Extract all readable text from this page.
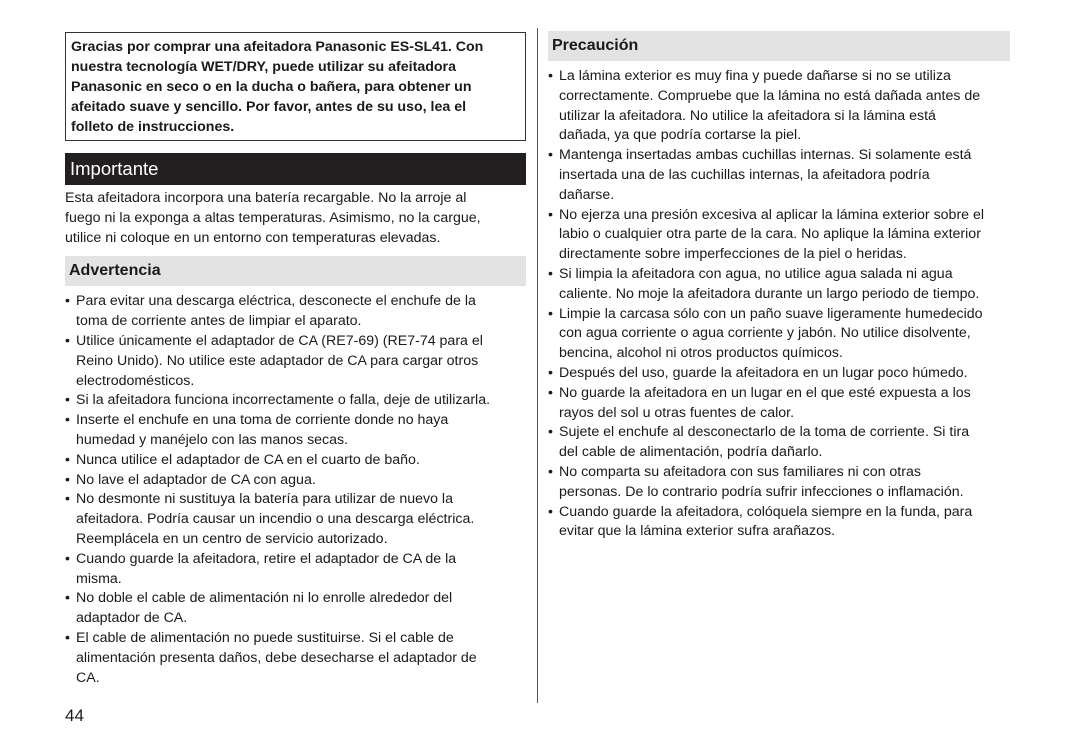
Gracias por comprar una afeitadora Panasonic ES-SL41. Con
nuestra tecnología WET/DRY, puede utilizar su afeitadora
Panasonic en seco o en la ducha o bañera, para obtener un
afeitado suave y sencillo. Por favor, antes de su uso, lea el
folleto de instrucciones.
Importante
Esta afeitadora incorpora una batería recargable. No la arroje al
fuego ni la exponga a altas temperaturas. Asimismo, no la cargue,
utilice ni coloque en un entorno con temperaturas elevadas.
Advertencia
• Para evitar una descarga eléctrica, desconecte el enchufe de la
toma de corriente antes de limpiar el aparato.
• Utilice únicamente el adaptador de CA (RE7-69) (RE7-74 para el
Reino Unido). No utilice este adaptador de CA para cargar otros
electrodomésticos.
• Si la afeitadora funciona incorrectamente o falla, deje de utilizarla.
• Inserte el enchufe en una toma de corriente donde no haya
humedad y manéjelo con las manos secas.
• Nunca utilice el adaptador de CA en el cuarto de baño.
• No lave el adaptador de CA con agua.
• No desmonte ni sustituya la batería para utilizar de nuevo la
afeitadora. Podría causar un incendio o una descarga eléctrica.
Reemplácela en un centro de servicio autorizado.
• Cuando guarde la afeitadora, retire el adaptador de CA de la
misma.
• No doble el cable de alimentación ni lo enrolle alrededor del
adaptador de CA.
• El cable de alimentación no puede sustituirse. Si el cable de
alimentación presenta daños, debe desecharse el adaptador de
CA.
Precaución
• La lámina exterior es muy fina y puede dañarse si no se utiliza
correctamente. Compruebe que la lámina no está dañada antes de
utilizar la afeitadora. No utilice la afeitadora si la lámina está
dañada, ya que podría cortarse la piel.
• Mantenga insertadas ambas cuchillas internas. Si solamente está
insertada una de las cuchillas internas, la afeitadora podría
dañarse.
• No ejerza una presión excesiva al aplicar la lámina exterior sobre el
labio o cualquier otra parte de la cara. No aplique la lámina exterior
directamente sobre imperfecciones de la piel o heridas.
• Si limpia la afeitadora con agua, no utilice agua salada ni agua
caliente. No moje la afeitadora durante un largo periodo de tiempo.
• Limpie la carcasa sólo con un paño suave ligeramente humedecido
con agua corriente o agua corriente y jabón. No utilice disolvente,
bencina, alcohol ni otros productos químicos.
• Después del uso, guarde la afeitadora en un lugar poco húmedo.
• No guarde la afeitadora en un lugar en el que esté expuesta a los
rayos del sol u otras fuentes de calor.
• Sujete el enchufe al desconectarlo de la toma de corriente. Si tira
del cable de alimentación, podría dañarlo.
• No comparta su afeitadora con sus familiares ni con otras
personas. De lo contrario podría sufrir infecciones o inflamación.
• Cuando guarde la afeitadora, colóquela siempre en la funda, para
evitar que la lámina exterior sufra arañazos.
44
